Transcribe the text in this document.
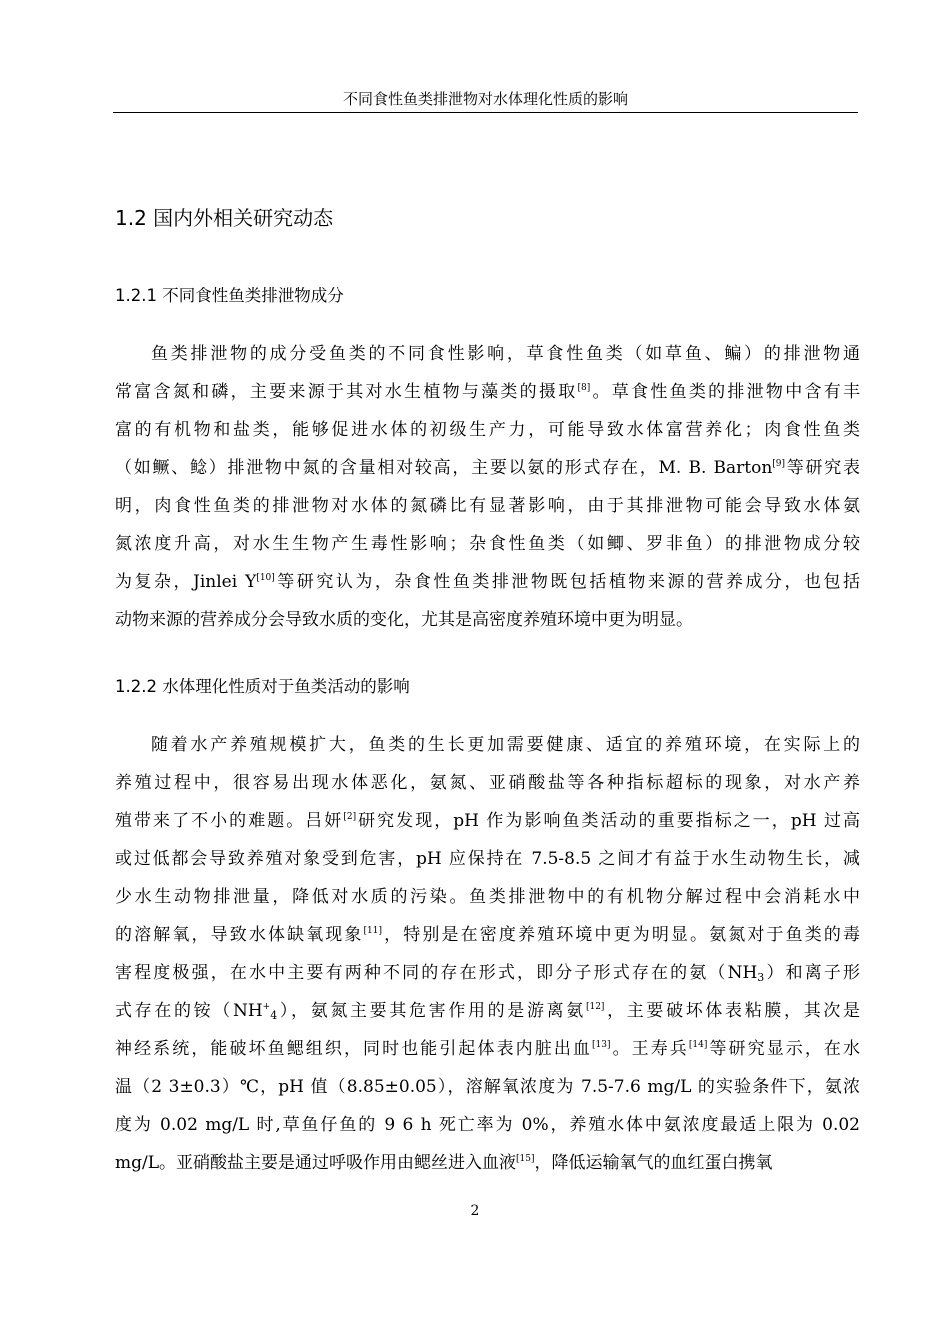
不同食性鱼类排泄物对水体理化性质的影响
1.2 国内外相关研究动态
1.2.1 不同食性鱼类排泄物成分
鱼类排泄物的成分受鱼类的不同食性影响，草食性鱼类（如草鱼、鳊）的排泄物通
常富含氮和磷，主要来源于其对水生植物与藻类的摄取[8]。草食性鱼类的排泄物中含有丰
富的有机物和盐类，能够促进水体的初级生产力，可能导致水体富营养化；肉食性鱼类
（如鳜、鲶）排泄物中氮的含量相对较高，主要以氨的形式存在，M. B. Barton[9]等研究表
明，肉食性鱼类的排泄物对水体的氮磷比有显著影响，由于其排泄物可能会导致水体氨
氮浓度升高，对水生生物产生毒性影响；杂食性鱼类（如鲫、罗非鱼）的排泄物成分较
为复杂，Jinlei Y[10]等研究认为，杂食性鱼类排泄物既包括植物来源的营养成分，也包括
动物来源的营养成分会导致水质的变化，尤其是高密度养殖环境中更为明显。
1.2.2 水体理化性质对于鱼类活动的影响
随着水产养殖规模扩大，鱼类的生长更加需要健康、适宜的养殖环境，在实际上的
养殖过程中，很容易出现水体恶化，氨氮、亚硝酸盐等各种指标超标的现象，对水产养
殖带来了不小的难题。吕妍[2]研究发现，pH 作为影响鱼类活动的重要指标之一，pH 过高
或过低都会导致养殖对象受到危害，pH 应保持在 7.5-8.5 之间才有益于水生动物生长，减
少水生动物排泄量，降低对水质的污染。鱼类排泄物中的有机物分解过程中会消耗水中
的溶解氧，导致水体缺氧现象[11]，特别是在密度养殖环境中更为明显。氨氮对于鱼类的毒
害程度极强，在水中主要有两种不同的存在形式，即分子形式存在的氨$(NH_3)$和离子形
式存在的铵$(NH^+_4)$，氨氮主要其危害作用的是游离氨[12]，主要破坏体表粘膜，其次是
神经系统，能破坏鱼鳃组织，同时也能引起体表内脏出血[13]。王寿兵[14]等研究显示，在水
温（2 3±0.3）℃，pH 值（8.85±0.05），溶解氧浓度为 7.5-7.6 mg/L 的实验条件下，氨浓
度为 0.02 mg/L 时,草鱼仔鱼的 9 6 h 死亡率为 0%，养殖水体中氨浓度最适上限为 0.02
mg/L。亚硝酸盐主要是通过呼吸作用由鳃丝进入血液[15]，降低运输氧气的血红蛋白携氧
2
